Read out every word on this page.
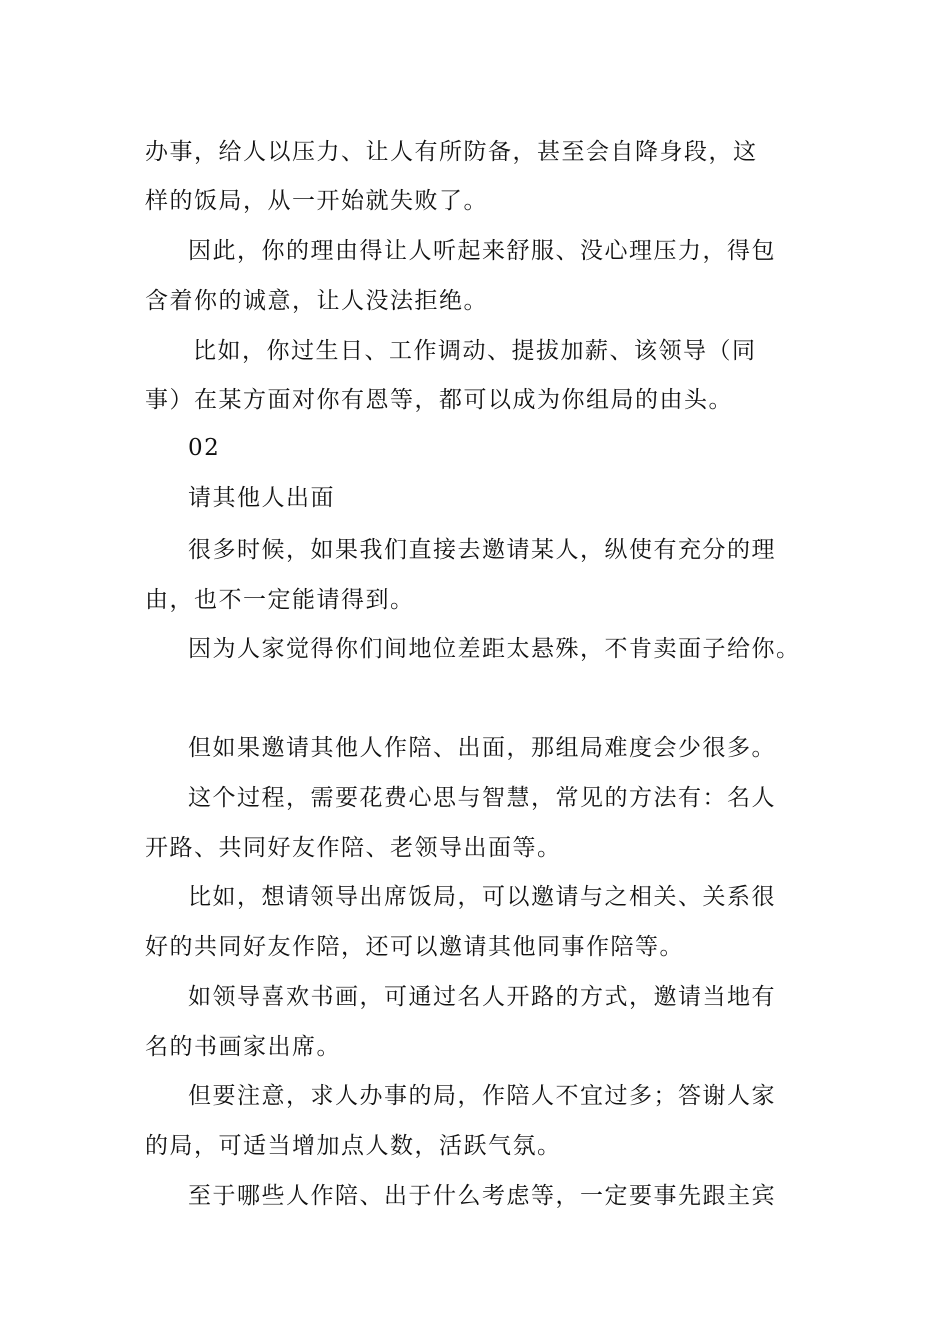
办事，给人以压力、让人有所防备，甚至会自降身段，这
样的饭局，从一开始就失败了。
因此，你的理由得让人听起来舒服、没心理压力，得包
含着你的诚意，让人没法拒绝。
比如，你过生日、工作调动、提拔加薪、该领导（同
事）在某方面对你有恩等，都可以成为你组局的由头。
02
请其他人出面
很多时候，如果我们直接去邀请某人，纵使有充分的理
由，也不一定能请得到。
因为人家觉得你们间地位差距太悬殊，不肯卖面子给你。
但如果邀请其他人作陪、出面，那组局难度会少很多。
这个过程，需要花费心思与智慧，常见的方法有：名人
开路、共同好友作陪、老领导出面等。
比如，想请领导出席饭局，可以邀请与之相关、关系很
好的共同好友作陪，还可以邀请其他同事作陪等。
如领导喜欢书画，可通过名人开路的方式，邀请当地有
名的书画家出席。
但要注意，求人办事的局，作陪人不宜过多；答谢人家
的局，可适当增加点人数，活跃气氛。
至于哪些人作陪、出于什么考虑等，一定要事先跟主宾
